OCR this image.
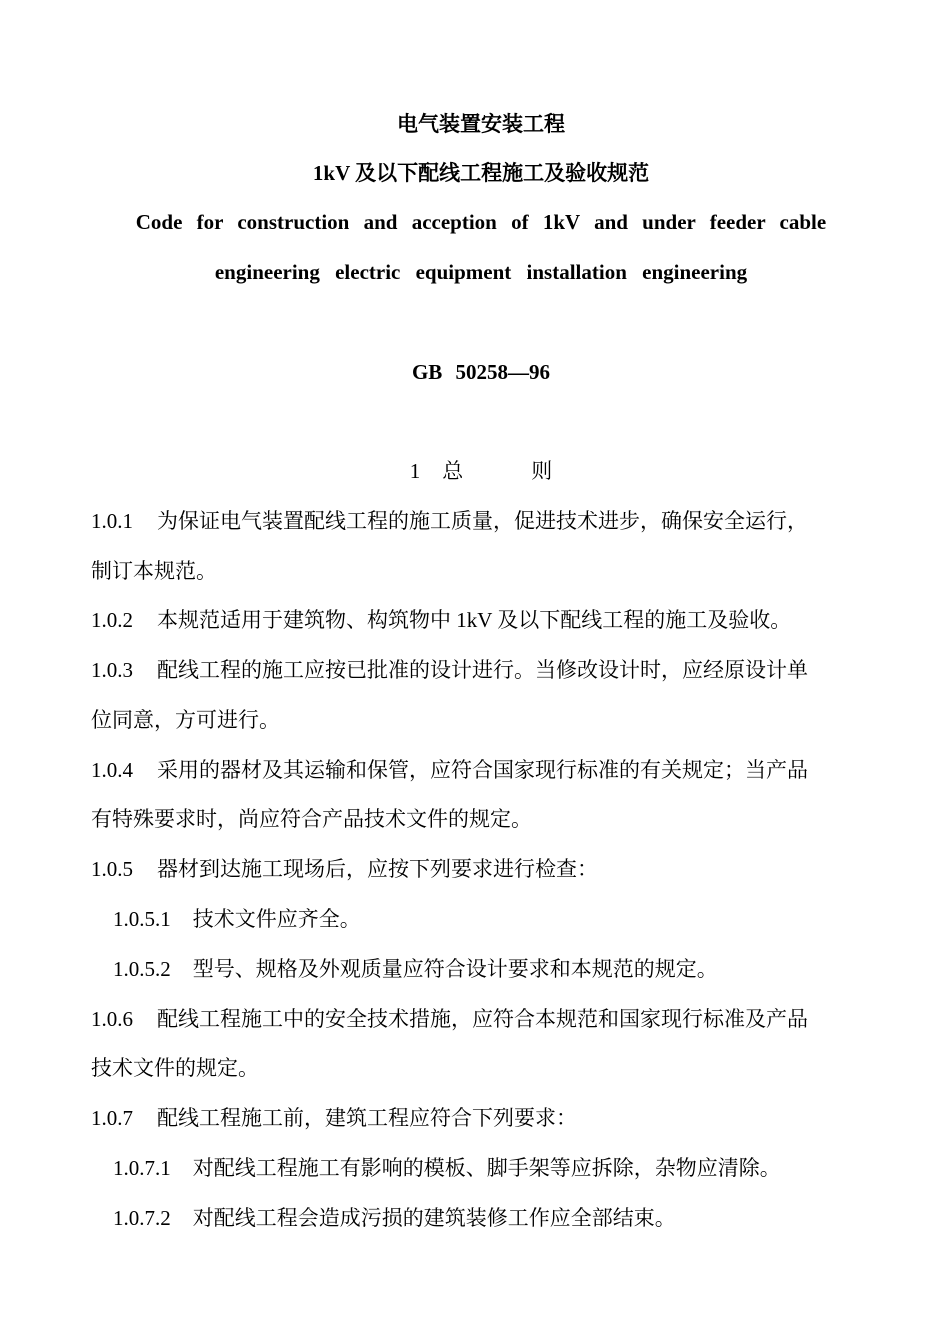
电气装置安装工程
1kV 及以下配线工程施工及验收规范
Code for construction and acception of 1kV and under feeder cable
engineering electric equipment installation engineering
GB 50258—96
1 总	则
1.0.1 为保证电气装置配线工程的施工质量，促进技术进步，确保安全运行，
制订本规范。
1.0.2 本规范适用于建筑物、构筑物中 1kV 及以下配线工程的施工及验收。
1.0.3 配线工程的施工应按已批准的设计进行。当修改设计时，应经原设计单
位同意，方可进行。
1.0.4 采用的器材及其运输和保管，应符合国家现行标准的有关规定；当产品
有特殊要求时，尚应符合产品技术文件的规定。
1.0.5 器材到达施工现场后，应按下列要求进行检查：
1.0.5.1 技术文件应齐全。
1.0.5.2 型号、规格及外观质量应符合设计要求和本规范的规定。
1.0.6 配线工程施工中的安全技术措施，应符合本规范和国家现行标准及产品
技术文件的规定。
1.0.7 配线工程施工前，建筑工程应符合下列要求：
1.0.7.1 对配线工程施工有影响的模板、脚手架等应拆除，杂物应清除。
1.0.7.2 对配线工程会造成污损的建筑装修工作应全部结束。
